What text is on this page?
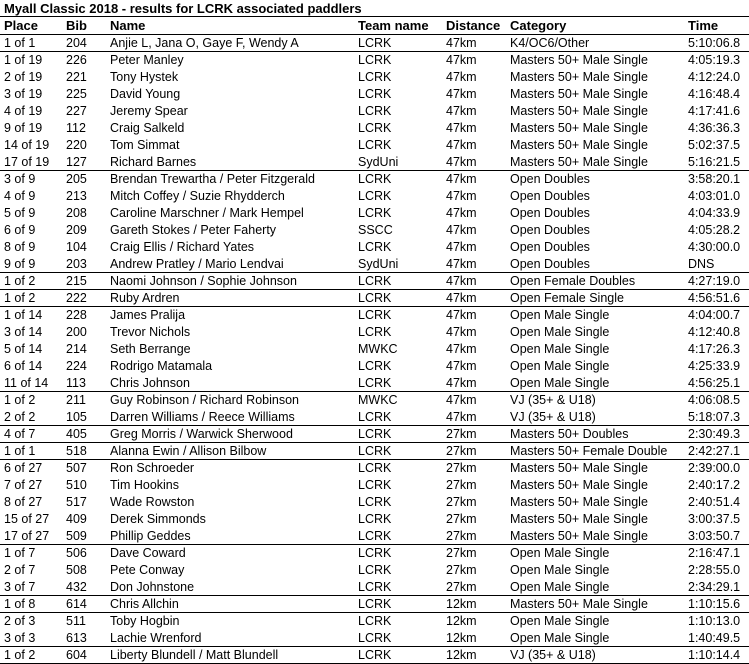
Myall Classic 2018 - results for LCRK associated paddlers
Place	Bib	Name	Team name	Distance	Category	Time
1 of 1	204	Anjie L, Jana O, Gaye F, Wendy A	LCRK	47km	K4/OC6/Other	5:10:06.8
1 of 19	226	Peter Manley	LCRK	47km	Masters 50+ Male Single	4:05:19.3
2 of 19	221	Tony Hystek	LCRK	47km	Masters 50+ Male Single	4:12:24.0
3 of 19	225	David Young	LCRK	47km	Masters 50+ Male Single	4:16:48.4
4 of 19	227	Jeremy Spear	LCRK	47km	Masters 50+ Male Single	4:17:41.6
9 of 19	112	Craig Salkeld	LCRK	47km	Masters 50+ Male Single	4:36:36.3
14 of 19	220	Tom Simmat	LCRK	47km	Masters 50+ Male Single	5:02:37.5
17 of 19	127	Richard Barnes	SydUni	47km	Masters 50+ Male Single	5:16:21.5
3 of 9	205	Brendan Trewartha / Peter Fitzgerald	LCRK	47km	Open Doubles	3:58:20.1
4 of 9	213	Mitch Coffey / Suzie Rhydderch	LCRK	47km	Open Doubles	4:03:01.0
5 of 9	208	Caroline Marschner / Mark Hempel	LCRK	47km	Open Doubles	4:04:33.9
6 of 9	209	Gareth Stokes / Peter Faherty	SSCC	47km	Open Doubles	4:05:28.2
8 of 9	104	Craig Ellis / Richard Yates	LCRK	47km	Open Doubles	4:30:00.0
9 of 9	203	Andrew Pratley / Mario Lendvai	SydUni	47km	Open Doubles	DNS
1 of 2	215	Naomi Johnson / Sophie Johnson	LCRK	47km	Open Female Doubles	4:27:19.0
1 of 2	222	Ruby Ardren	LCRK	47km	Open Female Single	4:56:51.6
1 of 14	228	James Pralija	LCRK	47km	Open Male Single	4:04:00.7
3 of 14	200	Trevor Nichols	LCRK	47km	Open Male Single	4:12:40.8
5 of 14	214	Seth Berrange	MWKC	47km	Open Male Single	4:17:26.3
6 of 14	224	Rodrigo Matamala	LCRK	47km	Open Male Single	4:25:33.9
11 of 14	113	Chris Johnson	LCRK	47km	Open Male Single	4:56:25.1
1 of 2	211	Guy Robinson / Richard Robinson	MWKC	47km	VJ (35+ & U18)	4:06:08.5
2 of 2	105	Darren Williams / Reece Williams	LCRK	47km	VJ (35+ & U18)	5:18:07.3
4 of 7	405	Greg Morris / Warwick Sherwood	LCRK	27km	Masters 50+ Doubles	2:30:49.3
1 of 1	518	Alanna Ewin / Allison Bilbow	LCRK	27km	Masters 50+ Female Double	2:42:27.1
6 of 27	507	Ron Schroeder	LCRK	27km	Masters 50+ Male Single	2:39:00.0
7 of 27	510	Tim Hookins	LCRK	27km	Masters 50+ Male Single	2:40:17.2
8 of 27	517	Wade Rowston	LCRK	27km	Masters 50+ Male Single	2:40:51.4
15 of 27	409	Derek Simmonds	LCRK	27km	Masters 50+ Male Single	3:00:37.5
17 of 27	509	Phillip Geddes	LCRK	27km	Masters 50+ Male Single	3:03:50.7
1 of 7	506	Dave Coward	LCRK	27km	Open Male Single	2:16:47.1
2 of 7	508	Pete Conway	LCRK	27km	Open Male Single	2:28:55.0
3 of 7	432	Don Johnstone	LCRK	27km	Open Male Single	2:34:29.1
1 of 8	614	Chris Allchin	LCRK	12km	Masters 50+ Male Single	1:10:15.6
2 of 3	511	Toby Hogbin	LCRK	12km	Open Male Single	1:10:13.0
3 of 3	613	Lachie Wrenford	LCRK	12km	Open Male Single	1:40:49.5
1 of 2	604	Liberty Blundell / Matt Blundell	LCRK	12km	VJ (35+ & U18)	1:10:14.4
